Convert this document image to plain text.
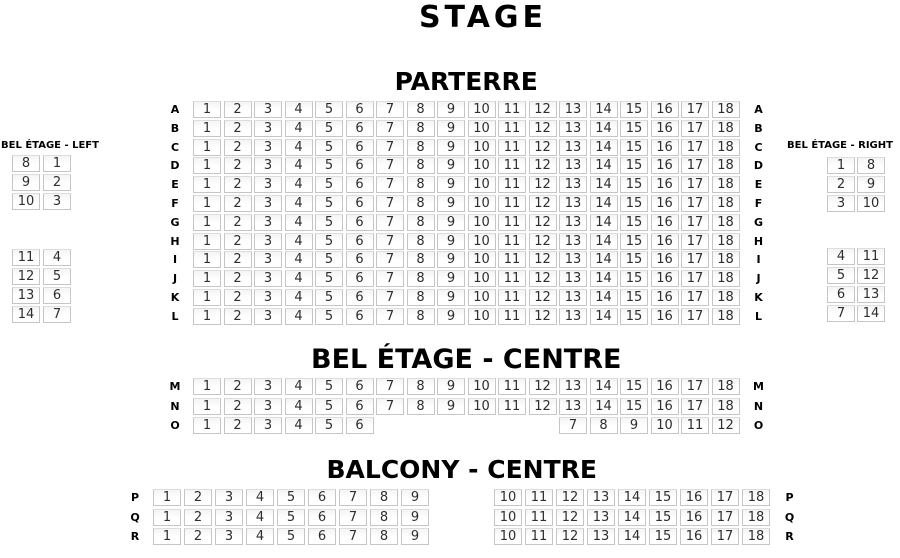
STAGE
PARTERRE
A	A
1	2	3	4	5	6	7	8	9	10	11	12	13	14	15	16	17	18
B	B
1	2	3	4	5	6	7	8	9	10	11	12	13	14	15	16	17	18
C	C
1	2	3	4	5	6	7	8	9	10	11	12	13	14	15	16	17	18
D	D
1	2	3	4	5	6	7	8	9	10	11	12	13	14	15	16	17	18
E	E
1	2	3	4	5	6	7	8	9	10	11	12	13	14	15	16	17	18
F	F
1	2	3	4	5	6	7	8	9	10	11	12	13	14	15	16	17	18
G	G
1	2	3	4	5	6	7	8	9	10	11	12	13	14	15	16	17	18
H	H
1	2	3	4	5	6	7	8	9	10	11	12	13	14	15	16	17	18
I	I
1	2	3	4	5	6	7	8	9	10	11	12	13	14	15	16	17	18
J	J
1	2	3	4	5	6	7	8	9	10	11	12	13	14	15	16	17	18
K	K
1	2	3	4	5	6	7	8	9	10	11	12	13	14	15	16	17	18
L	L
1	2	3	4	5	6	7	8	9	10	11	12	13	14	15	16	17	18
BEL ÉTAGE - CENTRE
M	M
1	2	3	4	5	6	7	8	9	10	11	12	13	14	15	16	17	18
N	N
1	2	3	4	5	6	7	8	9	10	11	12	13	14	15	16	17	18
O	O
1	2	3	4	5	6	7	8	9	10	11	12
BALCONY - CENTRE
P	P
1	2	3	4	5	6	7	8	9	10	11	12	13	14	15	16	17	18
Q	Q
1	2	3	4	5	6	7	8	9	10	11	12	13	14	15	16	17	18
R	R
1	2	3	4	5	6	7	8	9	10	11	12	13	14	15	16	17	18
BEL ÉTAGE - LEFT
8	1
9	2
10	3
11	4
12	5
13	6
14	7
BEL ÉTAGE - RIGHT
1	8
2	9
3	10
4	11
5	12
6	13
7	14
